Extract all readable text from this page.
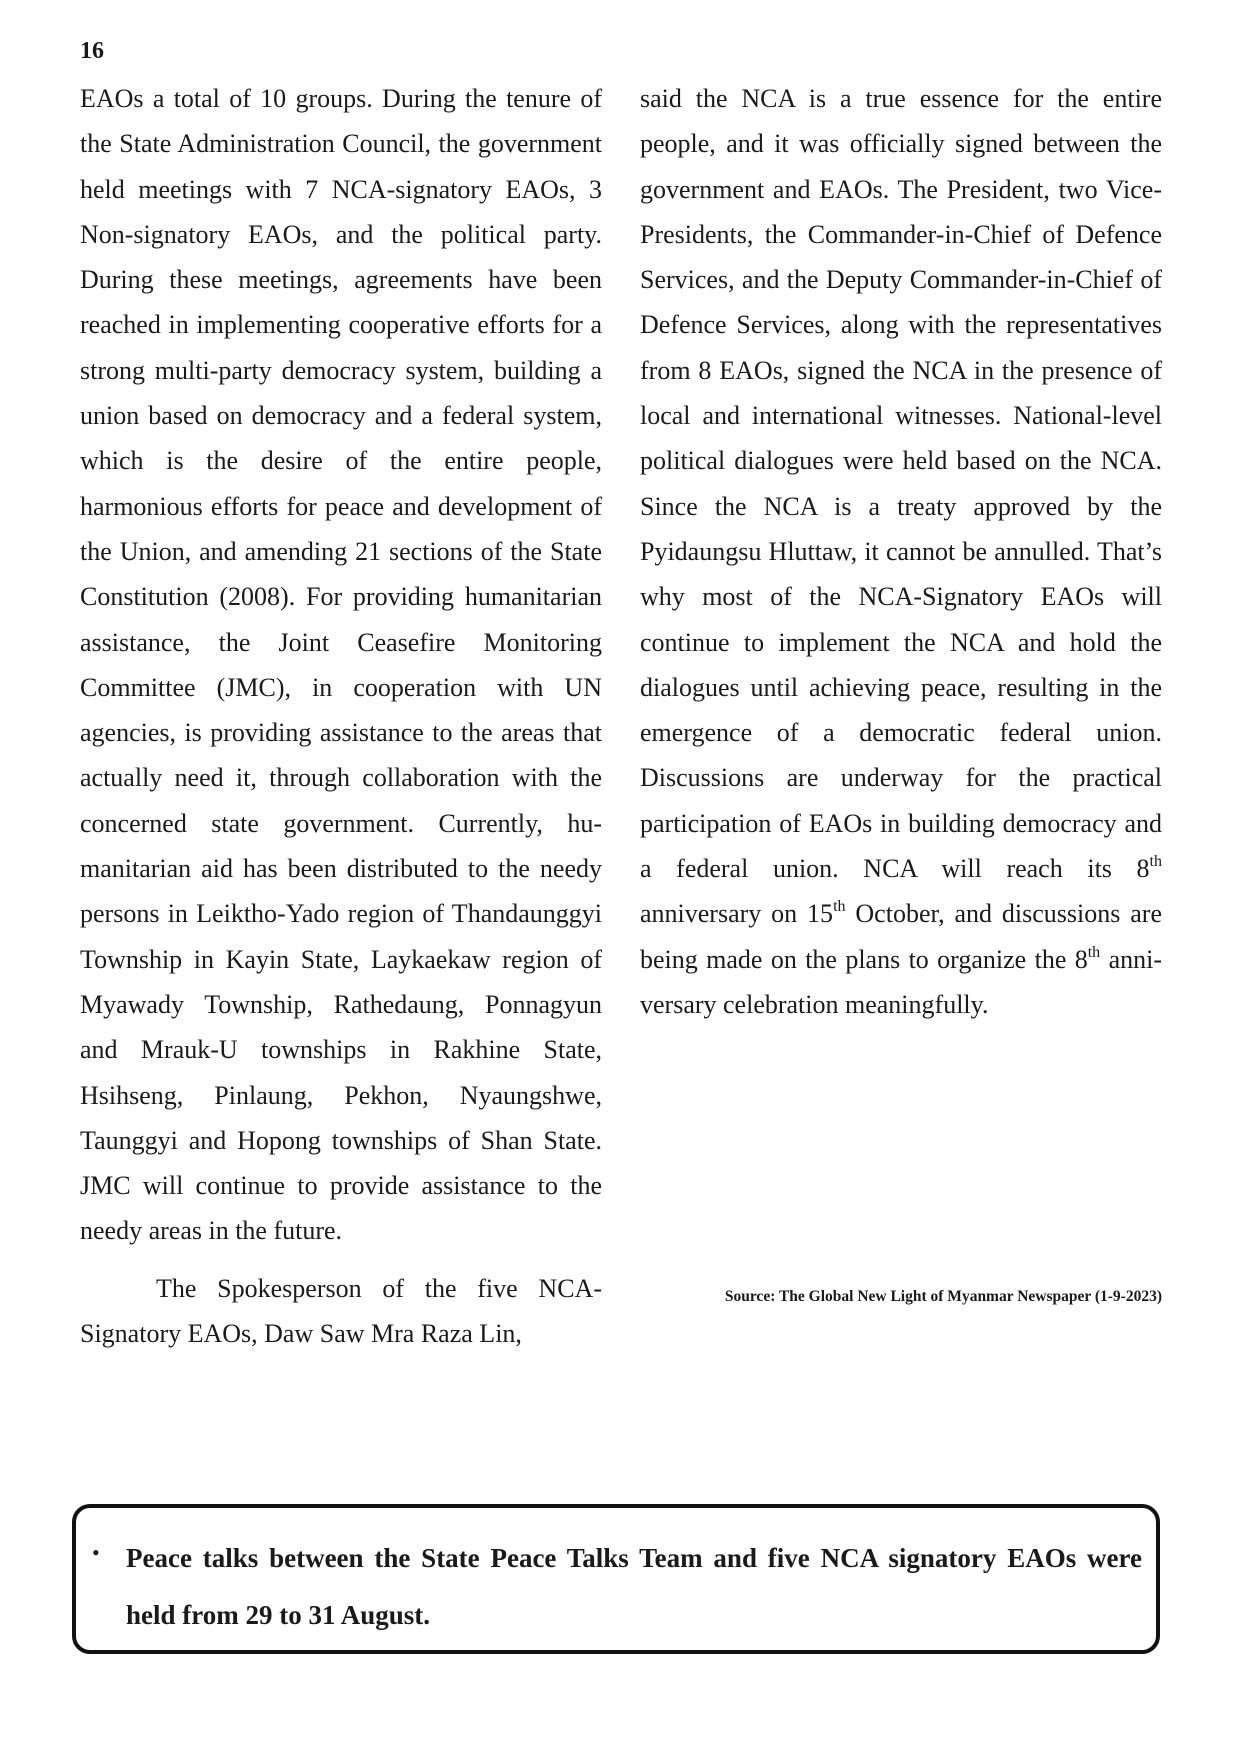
16

EAOs a total of 10 groups. During the tenure of the State Administration Council, the government held meetings with 7 NCA-signatory EAOs, 3 Non-signatory EAOs, and the political party. During these meetings, agreements have been reached in implementing cooperative efforts for a strong multi-party democracy system, building a union based on democracy and a federal system, which is the desire of the entire people, harmonious efforts for peace and development of the Union, and amending 21 sections of the State Constitution (2008). For providing humanitarian assistance, the Joint Ceasefire Monitoring Committee (JMC), in cooperation with UN agencies, is providing assistance to the areas that actually need it, through collaboration with the concerned state government. Currently, humanitarian aid has been distributed to the needy persons in Leiktho-Yado region of Thandaunggyi Township in Kayin State, Laykaekaw region of Myawady Township, Rathedaung, Ponnagyun and Mrauk-U townships in Rakhine State, Hsihseng, Pinlaung, Pekhon, Nyaungshwe, Taunggyi and Hopong townships of Shan State. JMC will continue to provide assistance to the needy areas in the future.

The Spokesperson of the five NCA-Signatory EAOs, Daw Saw Mra Raza Lin,

said the NCA is a true essence for the entire people, and it was officially signed between the government and EAOs. The President, two Vice-Presidents, the Commander-in-Chief of Defence Services, and the Deputy Commander-in-Chief of Defence Services, along with the representatives from 8 EAOs, signed the NCA in the presence of local and international witnesses. National-level political dialogues were held based on the NCA. Since the NCA is a treaty approved by the Pyidaungsu Hluttaw, it cannot be annulled. That’s why most of the NCA-Signatory EAOs will continue to implement the NCA and hold the dialogues until achieving peace, resulting in the emergence of a democratic federal union. Discussions are underway for the practical participation of EAOs in building democracy and a federal union. NCA will reach its 8th anniversary on 15th October, and discussions are being made on the plans to organize the 8th anniversary celebration meaningfully.

Source: The Global New Light of Myanmar Newspaper (1-9-2023)
• Peace talks between the State Peace Talks Team and five NCA signatory EAOs were held from 29 to 31 August.
